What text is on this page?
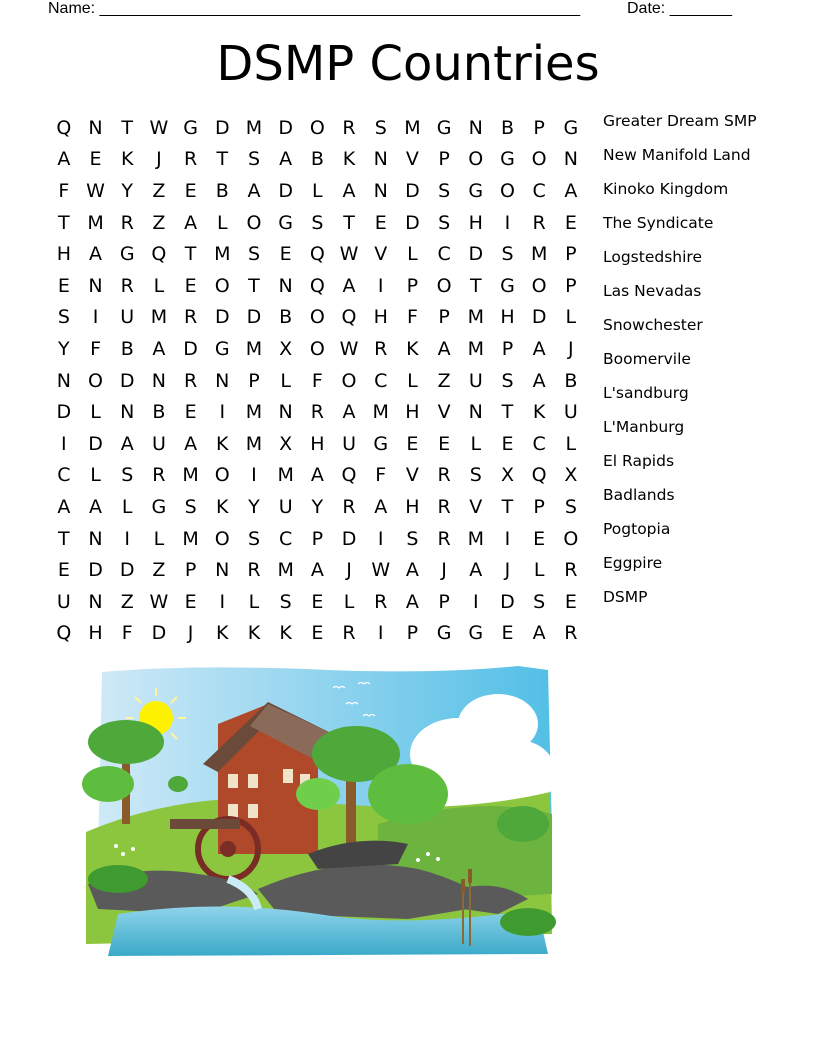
Name: ______________________________________________________	Date: _______
DSMP Countries
Q N T W G D M D O R	S M G N B	P G
A	E	K	J	R	T	S	A B K N V	P O G O N
F W Y	Z	E	B A D	L	A N D S G O C A
T M R Z A	L O G S	T	E D S H	I	R	E
H A G Q T M S	E Q W V	L	C D S M P
E N R	L	E O T N Q A	I	P O T G O P
S	I	U M R D D B O Q H	F	P M H D	L
Y	F	B A D G M X O W R K A M P	A	J
N O D N R N P	L	F O C	L	Z U S	A B
D	L	N B	E	I	M N R A M H V N T	K U
I	D A U A K M X H U G E	E	L	E	C	L
C	L	S	R M O	I	M A Q F	V R	S	X Q X
A A	L	G S	K	Y U Y	R A H R V	T	P	S
T N	I	L M O S	C	P D	I	S	R M	I	E O
E D D Z	P N R M A	J	W A	J	A	J	L	R
U N Z W E	I	L	S	E	L	R A	P	I	D S	E
Q H	F D	J	K	K	K	E	R	I	P G G E	A R
Greater Dream SMP
New Manifold Land
Kinoko Kingdom
The Syndicate
Logstedshire
Las Nevadas
Snowchester
Boomervile
L'sandburg
L'Manburg
El Rapids
Badlands
Pogtopia
Eggpire
DSMP
